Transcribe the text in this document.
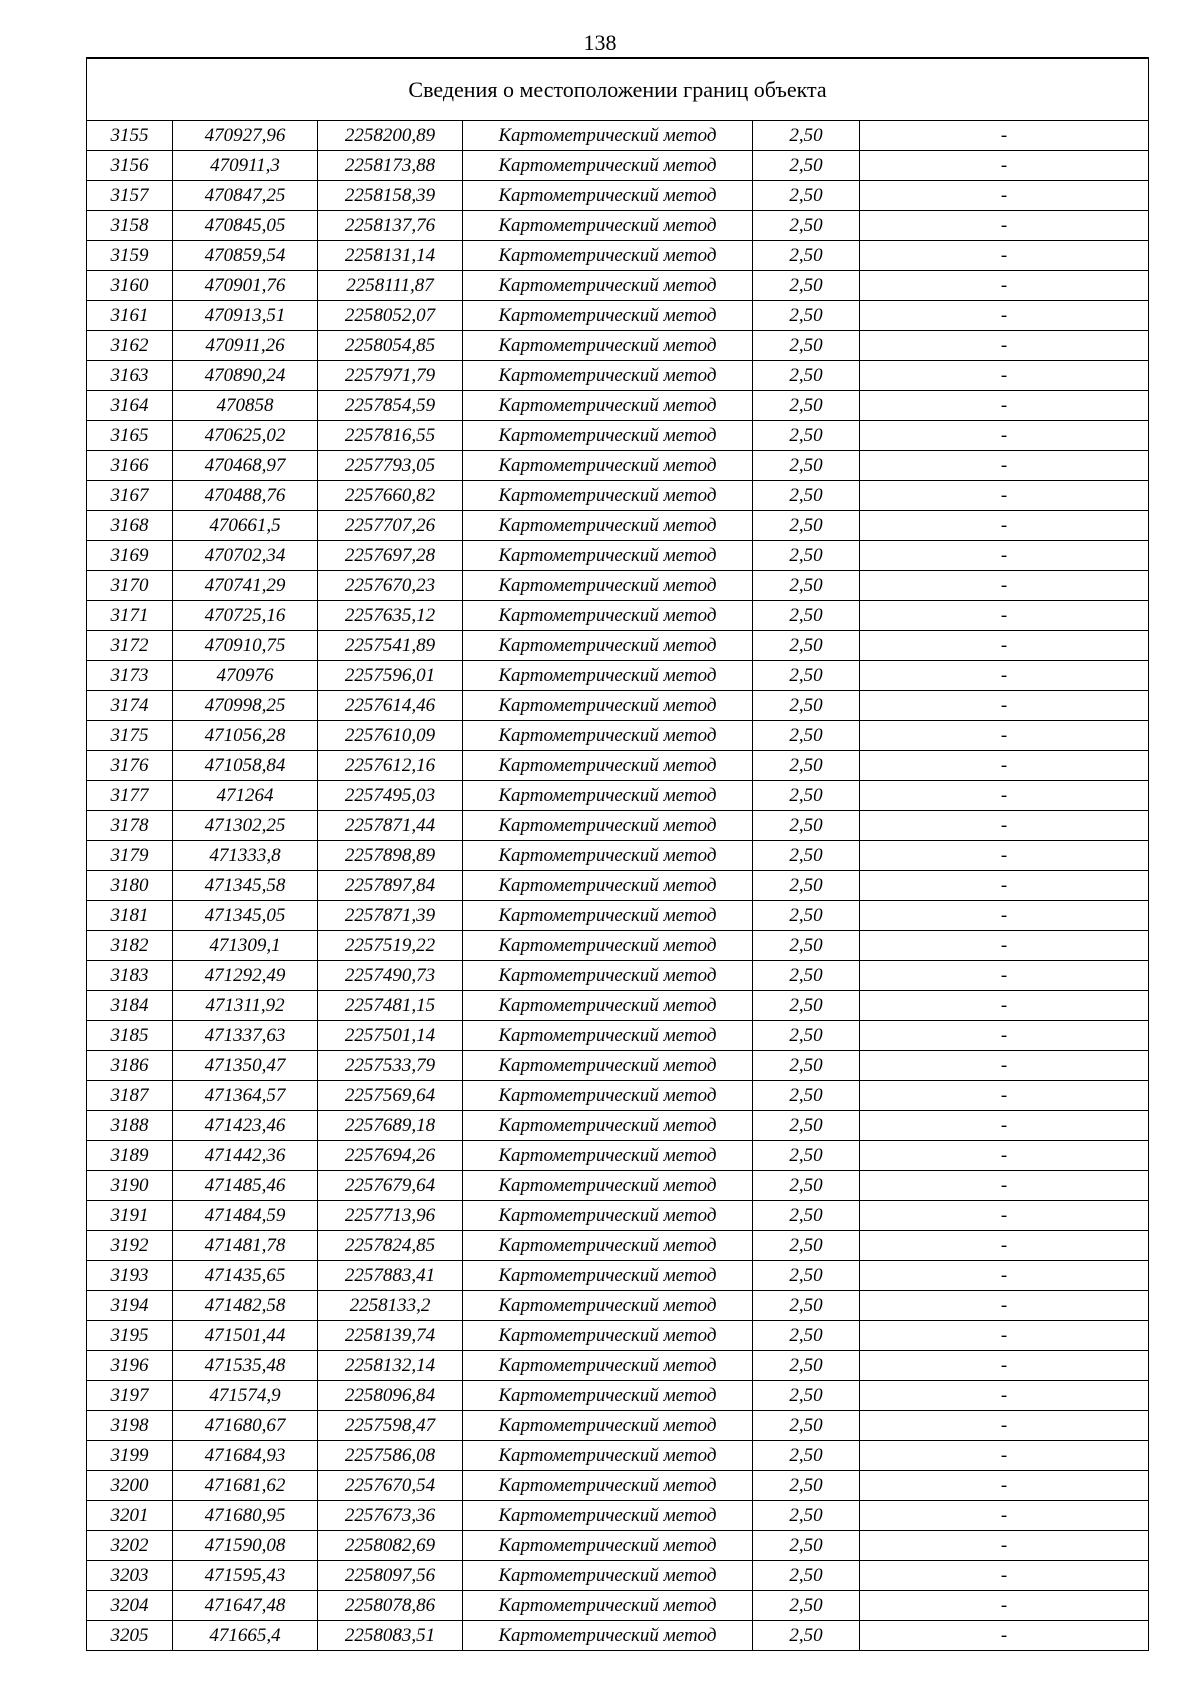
138
Сведения о местоположении границ объекта					
3155	470927,96	2258200,89	Картометрический метод	2,50	-
3156	470911,3	2258173,88	Картометрический метод	2,50	-
3157	470847,25	2258158,39	Картометрический метод	2,50	-
3158	470845,05	2258137,76	Картометрический метод	2,50	-
3159	470859,54	2258131,14	Картометрический метод	2,50	-
3160	470901,76	2258111,87	Картометрический метод	2,50	-
3161	470913,51	2258052,07	Картометрический метод	2,50	-
3162	470911,26	2258054,85	Картометрический метод	2,50	-
3163	470890,24	2257971,79	Картометрический метод	2,50	-
3164	470858	2257854,59	Картометрический метод	2,50	-
3165	470625,02	2257816,55	Картометрический метод	2,50	-
3166	470468,97	2257793,05	Картометрический метод	2,50	-
3167	470488,76	2257660,82	Картометрический метод	2,50	-
3168	470661,5	2257707,26	Картометрический метод	2,50	-
3169	470702,34	2257697,28	Картометрический метод	2,50	-
3170	470741,29	2257670,23	Картометрический метод	2,50	-
3171	470725,16	2257635,12	Картометрический метод	2,50	-
3172	470910,75	2257541,89	Картометрический метод	2,50	-
3173	470976	2257596,01	Картометрический метод	2,50	-
3174	470998,25	2257614,46	Картометрический метод	2,50	-
3175	471056,28	2257610,09	Картометрический метод	2,50	-
3176	471058,84	2257612,16	Картометрический метод	2,50	-
3177	471264	2257495,03	Картометрический метод	2,50	-
3178	471302,25	2257871,44	Картометрический метод	2,50	-
3179	471333,8	2257898,89	Картометрический метод	2,50	-
3180	471345,58	2257897,84	Картометрический метод	2,50	-
3181	471345,05	2257871,39	Картометрический метод	2,50	-
3182	471309,1	2257519,22	Картометрический метод	2,50	-
3183	471292,49	2257490,73	Картометрический метод	2,50	-
3184	471311,92	2257481,15	Картометрический метод	2,50	-
3185	471337,63	2257501,14	Картометрический метод	2,50	-
3186	471350,47	2257533,79	Картометрический метод	2,50	-
3187	471364,57	2257569,64	Картометрический метод	2,50	-
3188	471423,46	2257689,18	Картометрический метод	2,50	-
3189	471442,36	2257694,26	Картометрический метод	2,50	-
3190	471485,46	2257679,64	Картометрический метод	2,50	-
3191	471484,59	2257713,96	Картометрический метод	2,50	-
3192	471481,78	2257824,85	Картометрический метод	2,50	-
3193	471435,65	2257883,41	Картометрический метод	2,50	-
3194	471482,58	2258133,2	Картометрический метод	2,50	-
3195	471501,44	2258139,74	Картометрический метод	2,50	-
3196	471535,48	2258132,14	Картометрический метод	2,50	-
3197	471574,9	2258096,84	Картометрический метод	2,50	-
3198	471680,67	2257598,47	Картометрический метод	2,50	-
3199	471684,93	2257586,08	Картометрический метод	2,50	-
3200	471681,62	2257670,54	Картометрический метод	2,50	-
3201	471680,95	2257673,36	Картометрический метод	2,50	-
3202	471590,08	2258082,69	Картометрический метод	2,50	-
3203	471595,43	2258097,56	Картометрический метод	2,50	-
3204	471647,48	2258078,86	Картометрический метод	2,50	-
3205	471665,4	2258083,51	Картометрический метод	2,50	-
